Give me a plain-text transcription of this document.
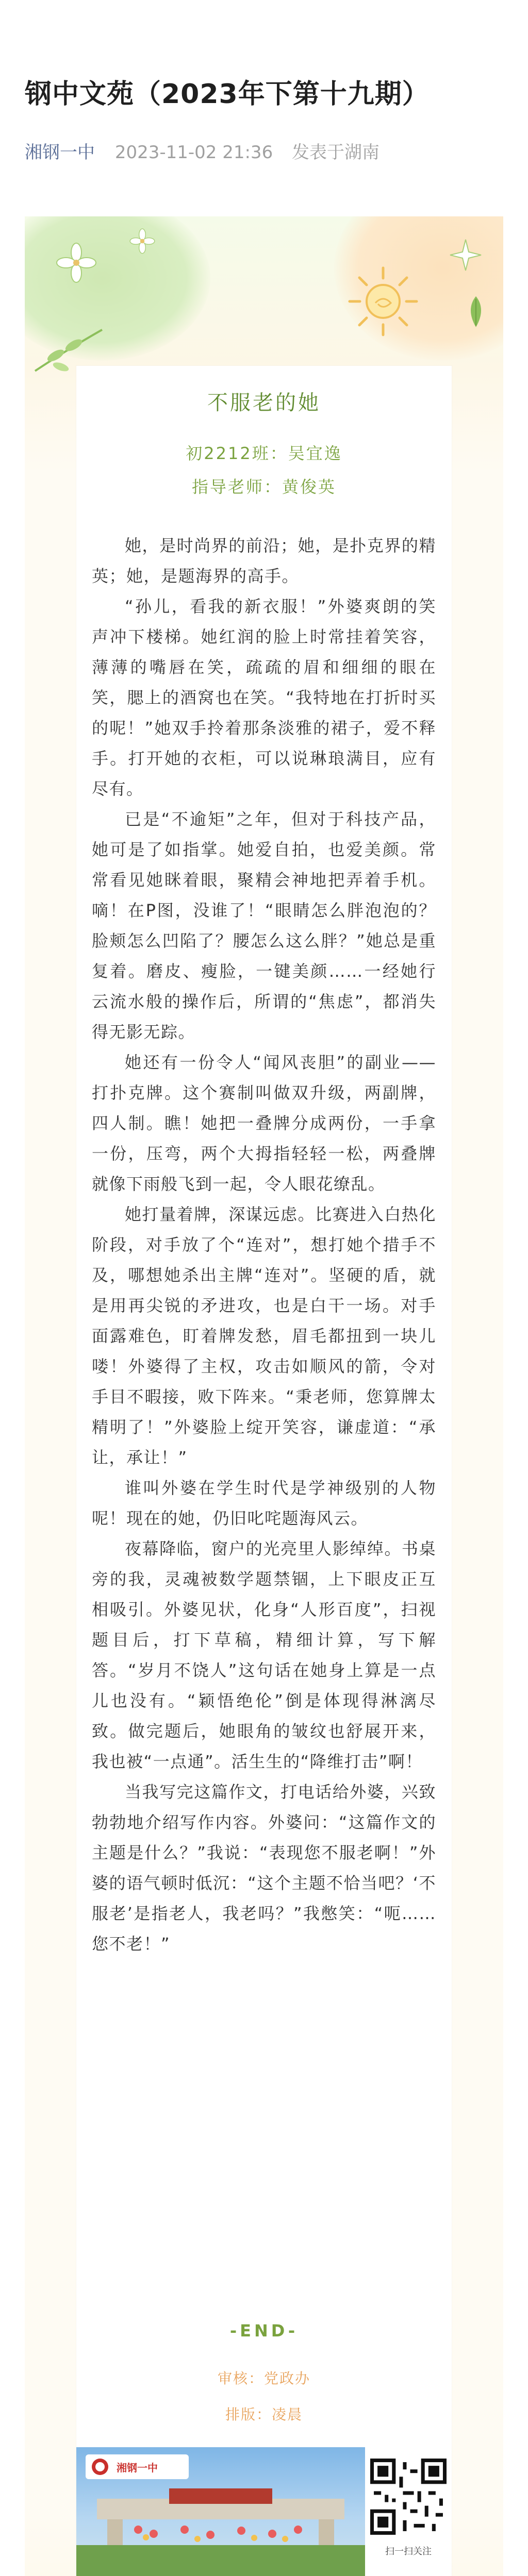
钢中文苑（2023年下第十九期）
湘钢一中 2023-11-02 21:36 发表于湖南
不服老的她
初2212班：吴宜逸
指导老师：黄俊英

她，是时尚界的前沿；她，是扑克界的精英；她，是题海界的高手。

“孙儿，看我的新衣服！”外婆爽朗的笑声冲下楼梯。她红润的脸上时常挂着笑容，薄薄的嘴唇在笑，疏疏的眉和细细的眼在笑，腮上的酒窝也在笑。“我特地在打折时买的呢！”她双手拎着那条淡雅的裙子，爱不释手。打开她的衣柜，可以说琳琅满目，应有尽有。

已是“不逾矩”之年，但对于科技产品，她可是了如指掌。她爱自拍，也爱美颜。常常看见她眯着眼，聚精会神地把弄着手机。嘀！在P图，没谁了！“眼睛怎么胖泡泡的？脸颊怎么凹陷了？腰怎么这么胖？”她总是重复着。磨皮、瘦脸，一键美颜……一经她行云流水般的操作后，所谓的“焦虑”，都消失得无影无踪。

她还有一份令人“闻风丧胆”的副业——打扑克牌。这个赛制叫做双升级，两副牌，四人制。瞧！她把一叠牌分成两份，一手拿一份，压弯，两个大拇指轻轻一松，两叠牌就像下雨般飞到一起，令人眼花缭乱。

她打量着牌，深谋远虑。比赛进入白热化阶段，对手放了个“连对”，想打她个措手不及，哪想她杀出主牌“连对”。坚硬的盾，就是用再尖锐的矛进攻，也是白干一场。对手面露难色，盯着牌发愁，眉毛都扭到一块儿喽！外婆得了主权，攻击如顺风的箭，令对手目不暇接，败下阵来。“秉老师，您算牌太精明了！”外婆脸上绽开笑容，谦虚道：“承让，承让！”

谁叫外婆在学生时代是学神级别的人物呢！现在的她，仍旧叱咤题海风云。

夜幕降临，窗户的光亮里人影绰绰。书桌旁的我，灵魂被数学题禁锢，上下眼皮正互相吸引。外婆见状，化身“人形百度”，扫视题目后，打下草稿，精细计算，写下解答。“岁月不饶人”这句话在她身上算是一点儿也没有。“颖悟绝伦”倒是体现得淋漓尽致。做完题后，她眼角的皱纹也舒展开来，我也被“一点通”。活生生的“降维打击”啊！

当我写完这篇作文，打电话给外婆，兴致勃勃地介绍写作内容。外婆问：“这篇作文的主题是什么？”我说：“表现您不服老啊！”外婆的语气顿时低沉：“这个主题不恰当吧？‘不服老’是指老人，我老吗？”我憋笑：“呃……您不老！”

-END-
审核：党政办
排版：凌晨
湘钢一中
扫一扫关注
